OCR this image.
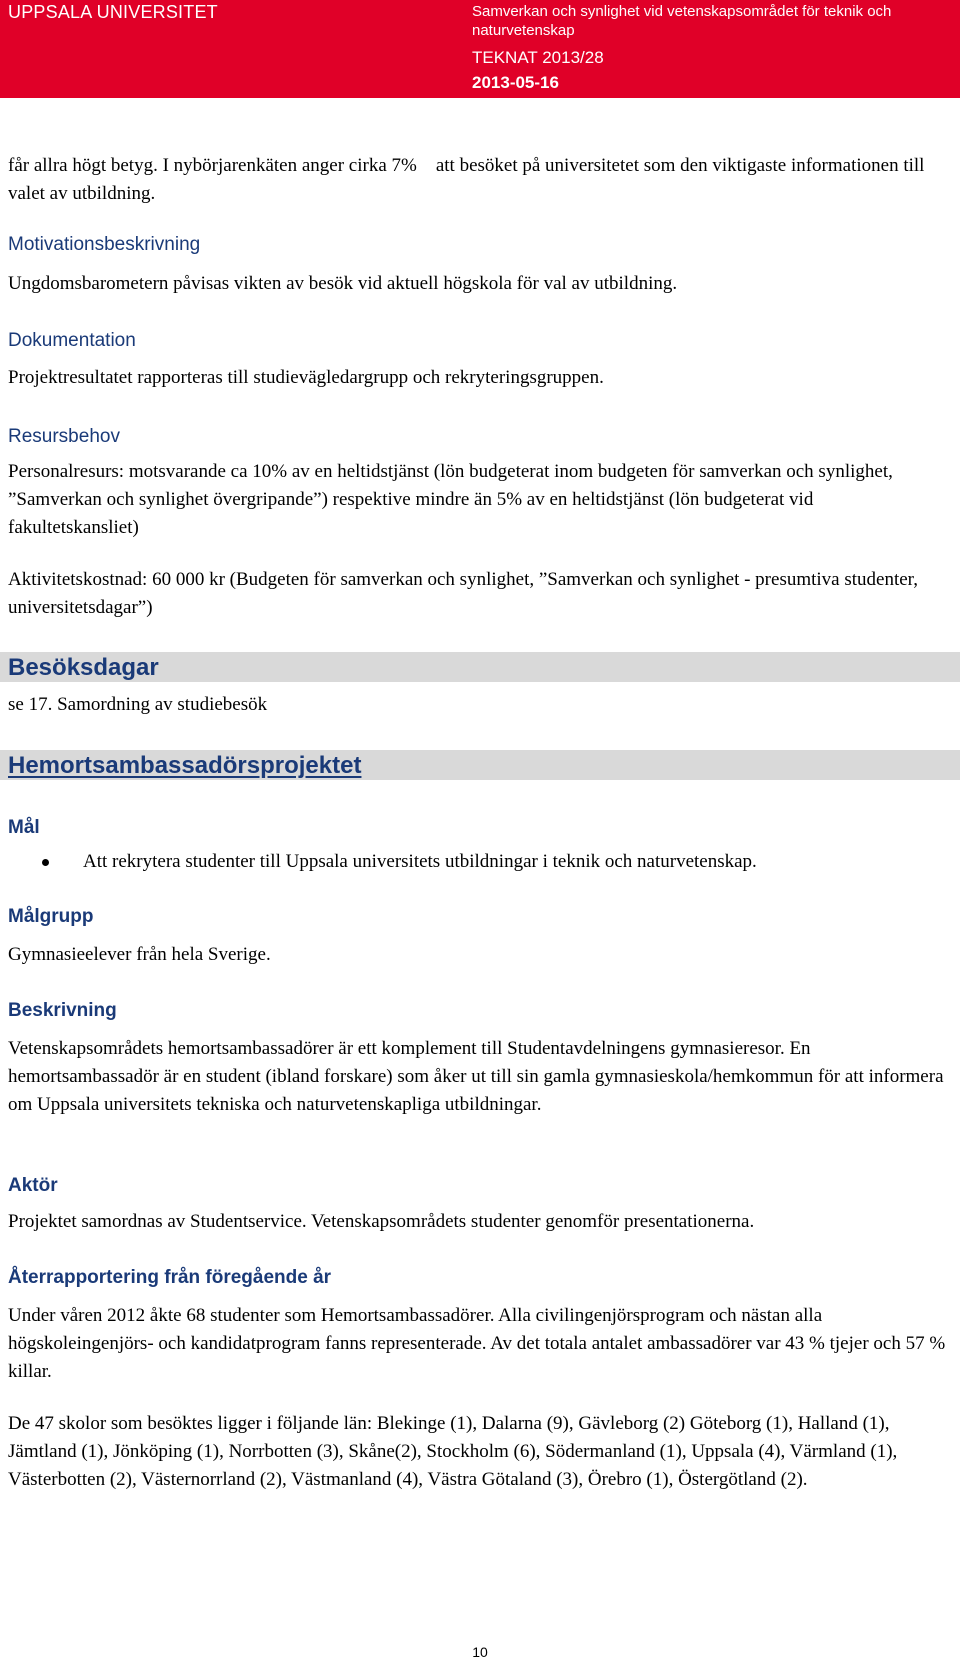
UPPSALA UNIVERSITET	Samverkan och synlighet vid vetenskapsområdet för teknik och naturvetenskap
TEKNAT 2013/28
2013-05-16

får allra högt betyg. I nybörjarenkäten anger cirka 7%    att besöket på universitetet som den viktigaste informationen till valet av utbildning.

Motivationsbeskrivning

Ungdomsbarometern påvisas vikten av besök vid aktuell högskola för val av utbildning.

Dokumentation

Projektresultatet rapporteras till studievägledargrupp och rekryteringsgruppen.

Resursbehov

Personalresurs: motsvarande ca 10% av en heltidstjänst (lön budgeterat inom budgeten för samverkan och synlighet, ”Samverkan och synlighet övergripande”) respektive mindre än 5% av en heltidstjänst (lön budgeterat vid fakultetskansliet)

Aktivitetskostnad: 60 000 kr (Budgeten för samverkan och synlighet, ”Samverkan och synlighet - presumtiva studenter, universitetsdagar”)

Besöksdagar

se 17. Samordning av studiebesök

Hemortsambassadörsprojektet
Mål
Att rekrytera studenter till Uppsala universitets utbildningar i teknik och naturvetenskap.
Målgrupp

Gymnasieelever från hela Sverige.

Beskrivning

Vetenskapsområdets hemortsambassadörer är ett komplement till Studentavdelningens gymnasieresor. En hemortsambassadör är en student (ibland forskare) som åker ut till sin gamla gymnasieskola/hemkommun för att informera om Uppsala universitets tekniska och naturvetenskapliga utbildningar.

Aktör

Projektet samordnas av Studentservice. Vetenskapsområdets studenter genomför presentationerna.

Återrapportering från föregående år

Under våren 2012 åkte 68 studenter som Hemortsambassadörer. Alla civilingenjörsprogram och nästan alla högskoleingenjörs- och kandidatprogram fanns representerade. Av det totala antalet ambassadörer var 43 % tjejer och 57 % killar.

De 47 skolor som besöktes ligger i följande län: Blekinge (1), Dalarna (9), Gävleborg (2) Göteborg (1), Halland (1), Jämtland (1), Jönköping (1), Norrbotten (3), Skåne(2), Stockholm (6), Södermanland (1), Uppsala (4), Värmland (1), Västerbotten (2), Västernorrland (2), Västmanland (4), Västra Götaland (3), Örebro (1), Östergötland (2).

10
